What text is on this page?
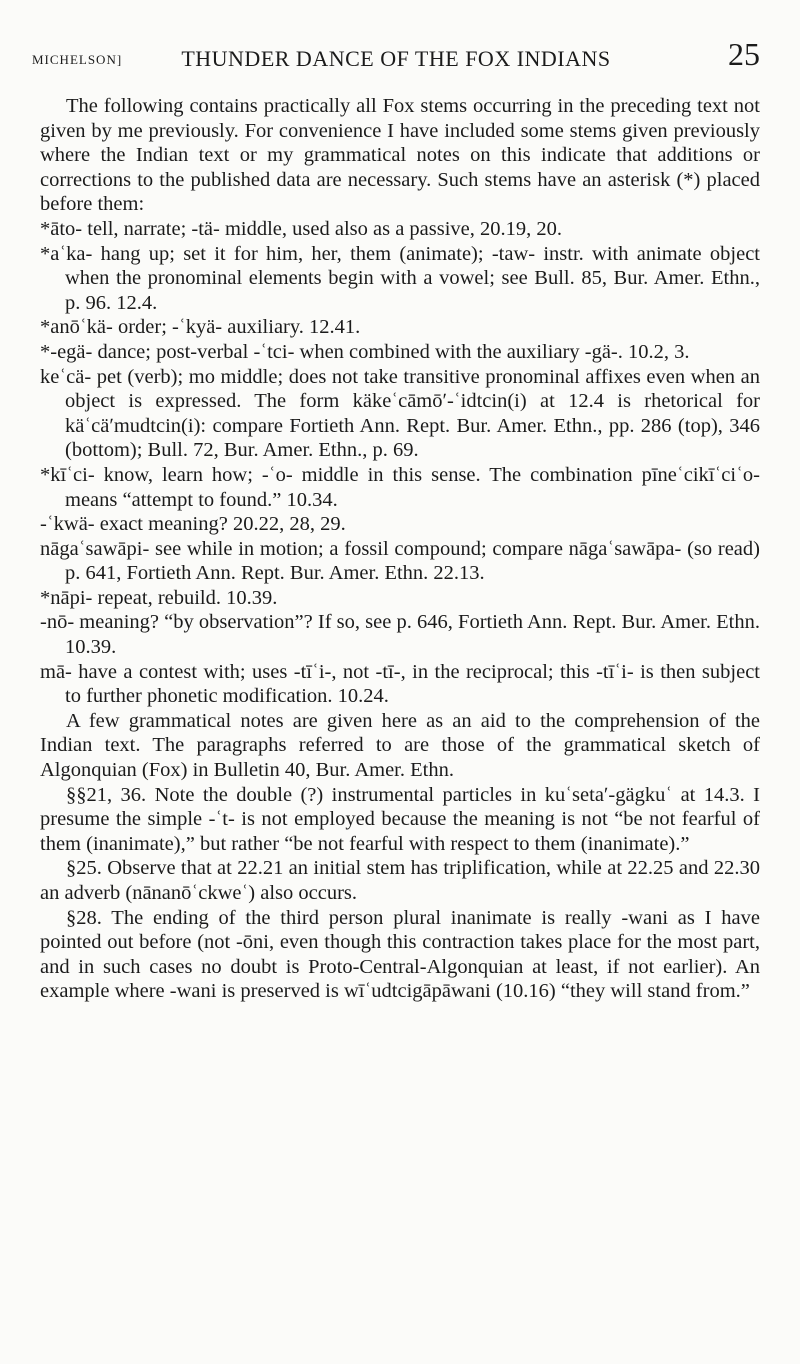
MICHELSON]	THUNDER DANCE OF THE FOX INDIANS	25

The following contains practically all Fox stems occurring in the preceding text not given by me previously. For convenience I have included some stems given previously where the Indian text or my grammatical notes on this indicate that additions or corrections to the published data are necessary. Such stems have an asterisk (*) placed before them:

*āto- tell, narrate; -tä- middle, used also as a passive, 20.19, 20.

*aʿka- hang up; set it for him, her, them (animate); -taw- instr. with animate object when the pronominal elements begin with a vowel; see Bull. 85, Bur. Amer. Ethn., p. 96. 12.4.

*anōʿkä- order; -ʿkyä- auxiliary. 12.41.

*-egä- dance; post-verbal -ʿtci- when combined with the auxiliary -gä-. 10.2, 3.

keʿcä- pet (verb); mo middle; does not take transitive pronominal affixes even when an object is expressed. The form käkeʿcāmōʹ-ʿidtcin(i) at 12.4 is rhetorical for käʿcäʹmudtcin(i): compare Fortieth Ann. Rept. Bur. Amer. Ethn., pp. 286 (top), 346 (bottom); Bull. 72, Bur. Amer. Ethn., p. 69.

*kīʿci- know, learn how; -ʿo- middle in this sense. The combination pīneʿcikīʿciʿo- means “attempt to found.” 10.34.

-ʿkwä- exact meaning? 20.22, 28, 29.

nāgaʿsawāpi- see while in motion; a fossil compound; compare nāgaʿsawāpa- (so read) p. 641, Fortieth Ann. Rept. Bur. Amer. Ethn. 22.13.

*nāpi- repeat, rebuild. 10.39.

-nō- meaning? “by observation”? If so, see p. 646, Fortieth Ann. Rept. Bur. Amer. Ethn. 10.39.

mā- have a contest with; uses -tīʿi-, not -tī-, in the reciprocal; this -tīʿi- is then subject to further phonetic modification. 10.24.

A few grammatical notes are given here as an aid to the comprehension of the Indian text. The paragraphs referred to are those of the grammatical sketch of Algonquian (Fox) in Bulletin 40, Bur. Amer. Ethn.

§§21, 36. Note the double (?) instrumental particles in kuʿsetaʹ-gägkuʿ at 14.3. I presume the simple -ʿt- is not employed because the meaning is not “be not fearful of them (inanimate),” but rather “be not fearful with respect to them (inanimate).”

§25. Observe that at 22.21 an initial stem has triplification, while at 22.25 and 22.30 an adverb (nānanōʿckweʿ) also occurs.

§28. The ending of the third person plural inanimate is really -wani as I have pointed out before (not -ōni, even though this contraction takes place for the most part, and in such cases no doubt is Proto-Central-Algonquian at least, if not earlier). An example where -wani is preserved is wīʿudtcigāpāwani (10.16) “they will stand from.”
